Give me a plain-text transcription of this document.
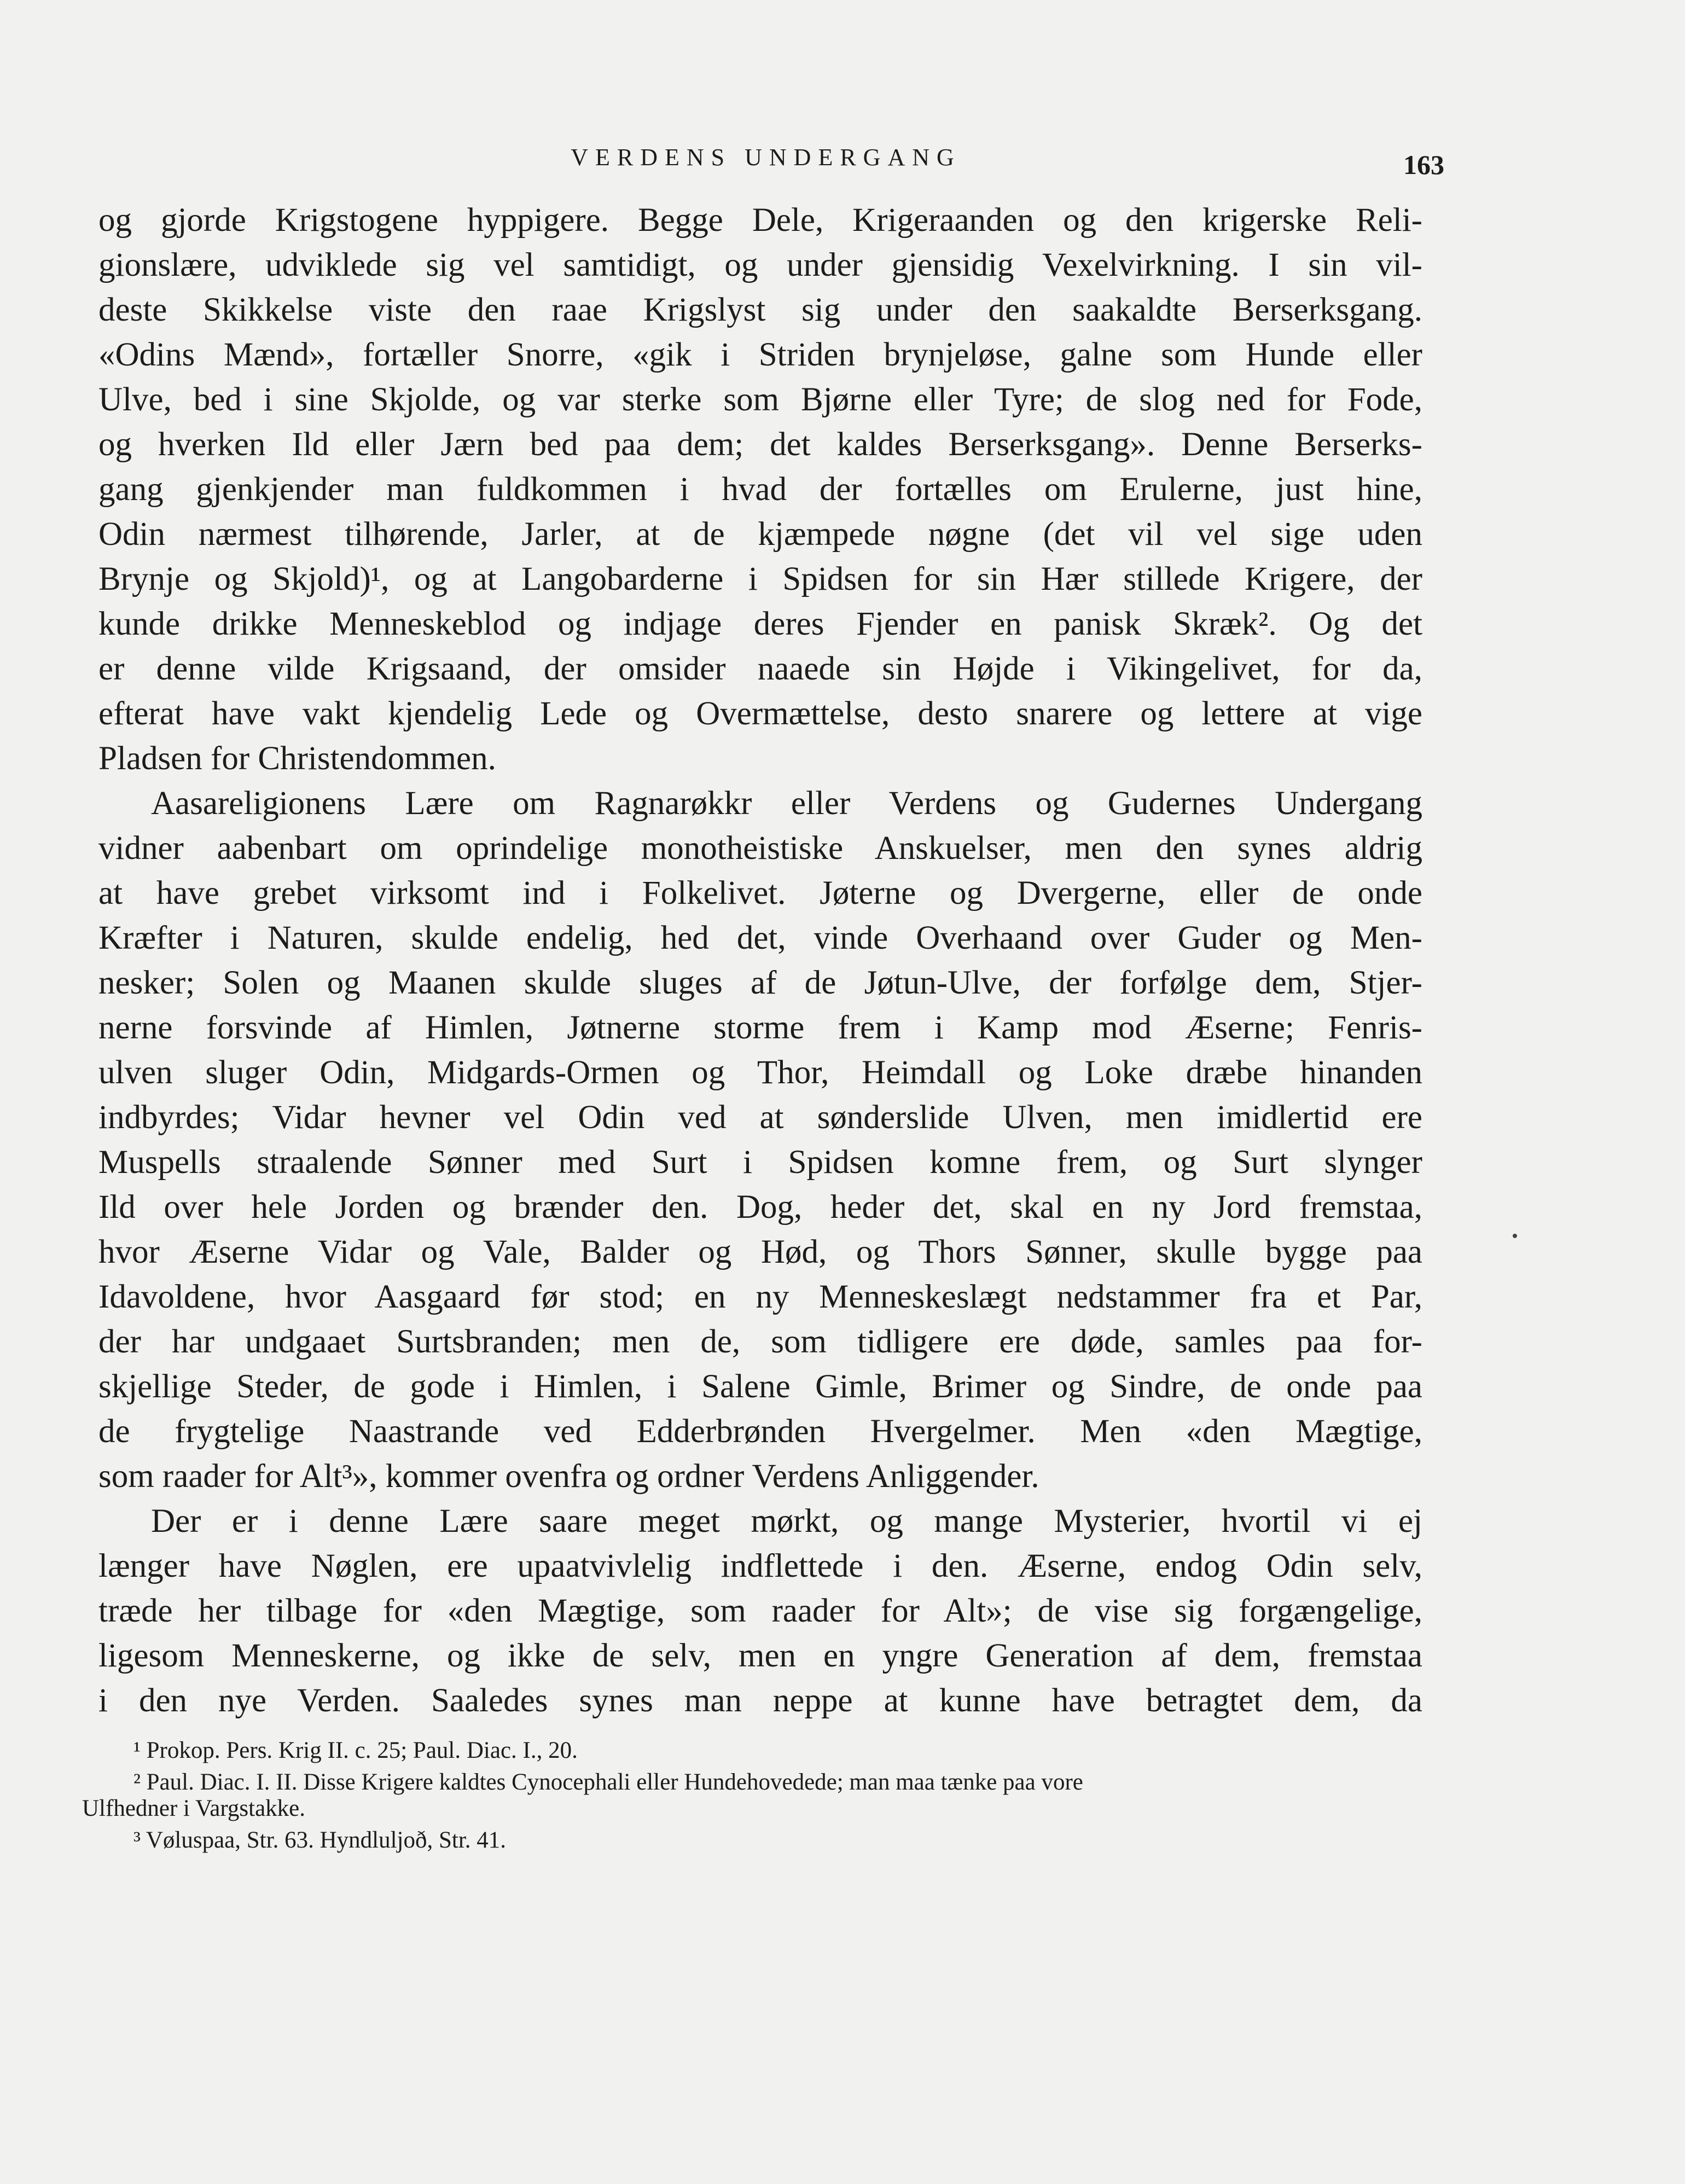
VERDENS UNDERGANG	163
og gjorde Krigstogene hyppigere. Begge Dele, Krigeraanden og den krigerske Reli-
gionslære, udviklede sig vel samtidigt, og under gjensidig Vexelvirkning. I sin vil-
deste Skikkelse viste den raae Krigslyst sig under den saakaldte Berserksgang.
«Odins Mænd», fortæller Snorre, «gik i Striden brynjeløse, galne som Hunde eller
Ulve, bed i sine Skjolde, og var sterke som Bjørne eller Tyre; de slog ned for Fode,
og hverken Ild eller Jærn bed paa dem; det kaldes Berserksgang». Denne Berserks-
gang gjenkjender man fuldkommen i hvad der fortælles om Erulerne, just hine,
Odin nærmest tilhørende, Jarler, at de kjæmpede nøgne (det vil vel sige uden
Brynje og Skjold)¹, og at Langobarderne i Spidsen for sin Hær stillede Krigere, der
kunde drikke Menneskeblod og indjage deres Fjender en panisk Skræk². Og det
er denne vilde Krigsaand, der omsider naaede sin Højde i Vikingelivet, for da,
efterat have vakt kjendelig Lede og Overmættelse, desto snarere og lettere at vige
Pladsen for Christendommen.
Aasareligionens Lære om Ragnarøkkr eller Verdens og Gudernes Undergang
vidner aabenbart om oprindelige monotheistiske Anskuelser, men den synes aldrig
at have grebet virksomt ind i Folkelivet. Jøterne og Dvergerne, eller de onde
Kræfter i Naturen, skulde endelig, hed det, vinde Overhaand over Guder og Men-
nesker; Solen og Maanen skulde sluges af de Jøtun-Ulve, der forfølge dem, Stjer-
nerne forsvinde af Himlen, Jøtnerne storme frem i Kamp mod Æserne; Fenris-
ulven sluger Odin, Midgards-Ormen og Thor, Heimdall og Loke dræbe hinanden
indbyrdes; Vidar hevner vel Odin ved at sønderslide Ulven, men imidlertid ere
Muspells straalende Sønner med Surt i Spidsen komne frem, og Surt slynger
Ild over hele Jorden og brænder den. Dog, heder det, skal en ny Jord fremstaa,
hvor Æserne Vidar og Vale, Balder og Hød, og Thors Sønner, skulle bygge paa
Idavoldene, hvor Aasgaard før stod; en ny Menneskeslægt nedstammer fra et Par,
der har undgaaet Surtsbranden; men de, som tidligere ere døde, samles paa for-
skjellige Steder, de gode i Himlen, i Salene Gimle, Brimer og Sindre, de onde paa
de frygtelige Naastrande ved Edderbrønden Hvergelmer. Men «den Mægtige,
som raader for Alt³», kommer ovenfra og ordner Verdens Anliggender.
Der er i denne Lære saare meget mørkt, og mange Mysterier, hvortil vi ej
længer have Nøglen, ere upaatvivlelig indflettede i den. Æserne, endog Odin selv,
træde her tilbage for «den Mægtige, som raader for Alt»; de vise sig forgængelige,
ligesom Menneskerne, og ikke de selv, men en yngre Generation af dem, fremstaa
i den nye Verden. Saaledes synes man neppe at kunne have betragtet dem, da
¹ Prokop. Pers. Krig II. c. 25; Paul. Diac. I., 20.
² Paul. Diac. I. II. Disse Krigere kaldtes Cynocephali eller Hundehovedede; man maa tænke paa vore
Ulfhedner i Vargstakke.
³ Vøluspaa, Str. 63. Hyndluljoð, Str. 41.
